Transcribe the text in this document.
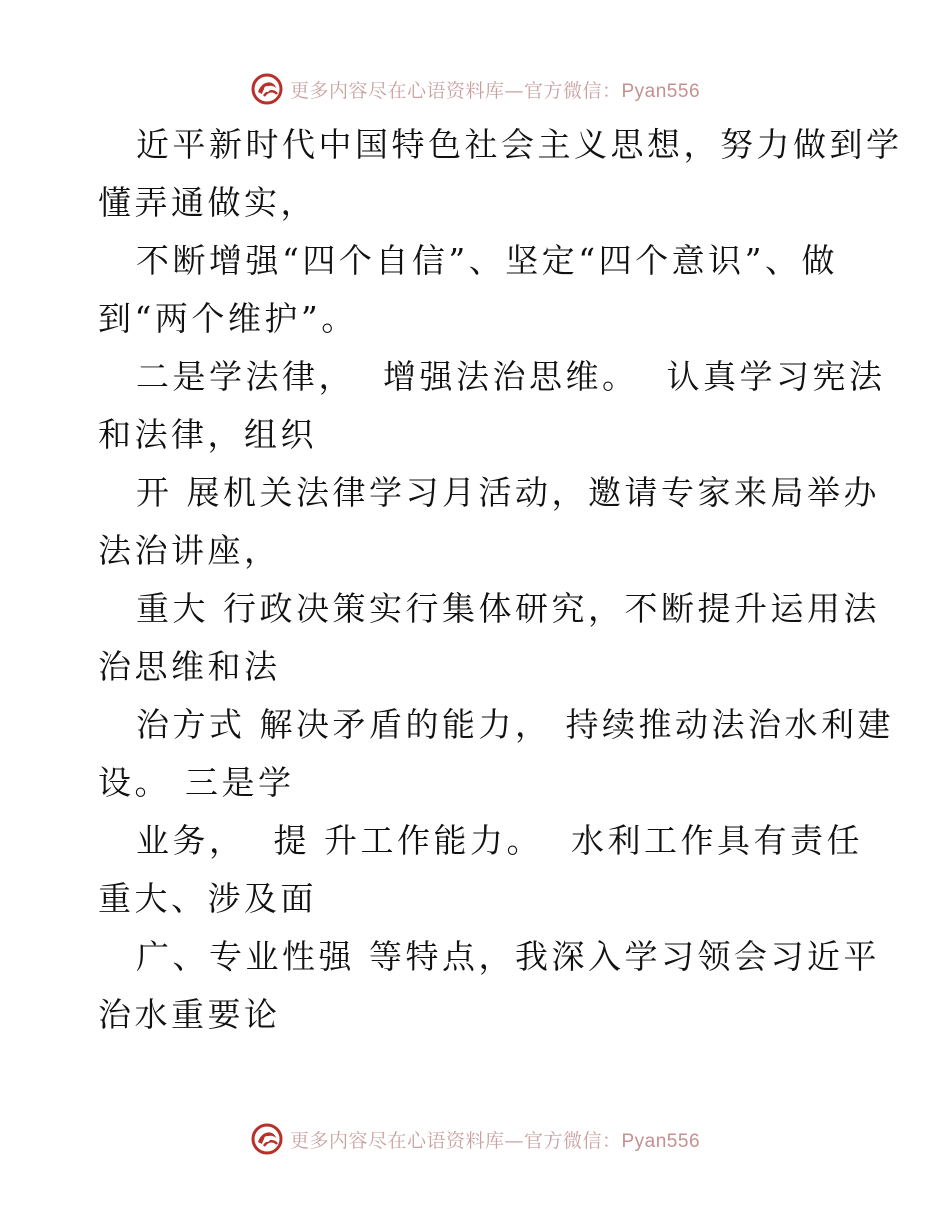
更多内容尽在心语资料库—官方微信：Pyan556
近平新时代中国特色社会主义思想，努力做到学
懂弄通做实，
不断增强“四个自信”、坚定“四个意识”、做
到“两个维护”。
二是学法律，  增强法治思维。  认真学习宪法
和法律，组织
开 展机关法律学习月活动，邀请专家来局举办
法治讲座，
重大 行政决策实行集体研究，不断提升运用法
治思维和法
治方式 解决矛盾的能力， 持续推动法治水利建
设。 三是学
业务，  提 升工作能力。  水利工作具有责任
重大、涉及面
广、专业性强 等特点，我深入学习领会习近平
治水重要论
更多内容尽在心语资料库—官方微信：Pyan556
